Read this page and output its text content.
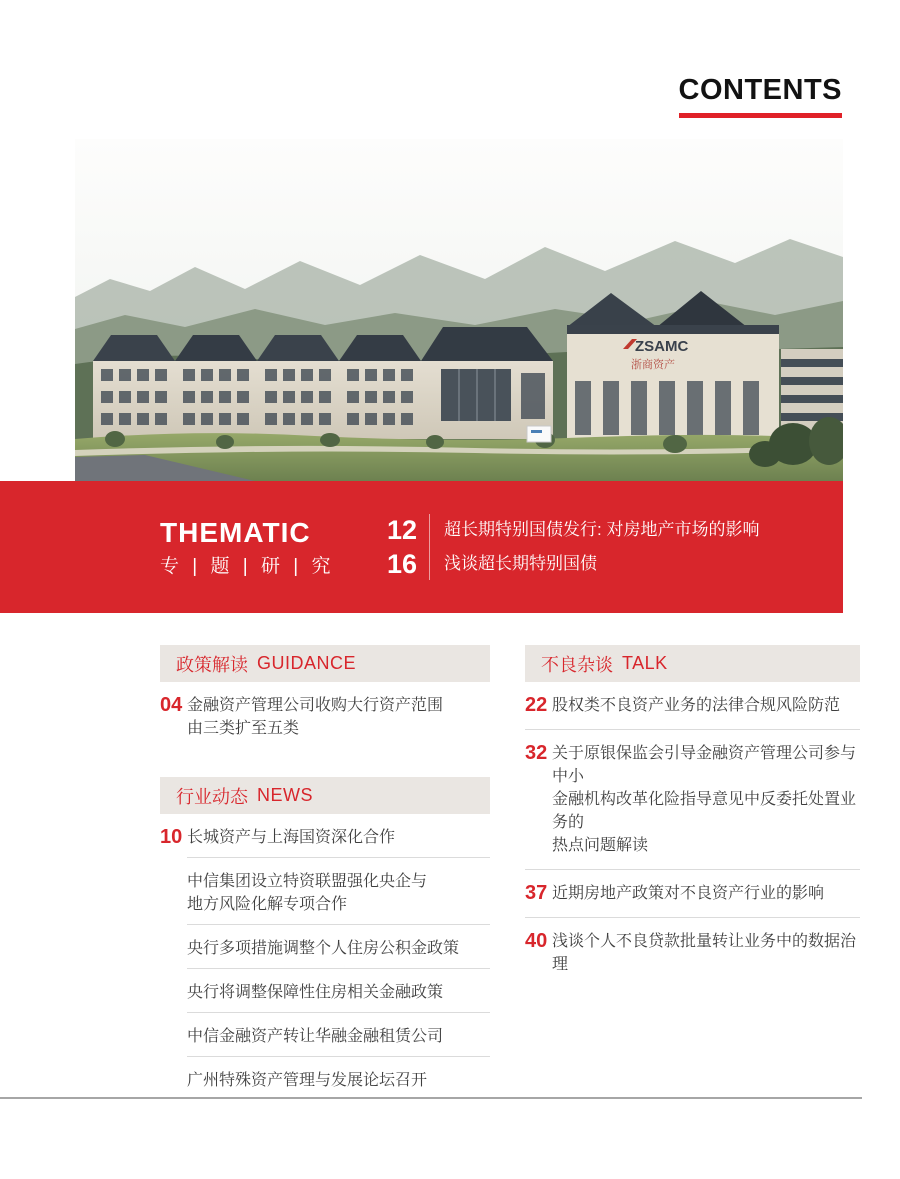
CONTENTS
ZSAMC
浙商资产
THEMATIC
专 | 题 | 研 | 究
12
16
超长期特别国债发行: 对房地产市场的影响
浅谈超长期特别国债
政策解读 GUIDANCE
04 金融资产管理公司收购大行资产范围
由三类扩至五类
行业动态 NEWS
10 长城资产与上海国资深化合作
中信集团设立特资联盟强化央企与
地方风险化解专项合作
央行多项措施调整个人住房公积金政策
央行将调整保障性住房相关金融政策
中信金融资产转让华融金融租赁公司
广州特殊资产管理与发展论坛召开
不良杂谈 TALK
22 股权类不良资产业务的法律合规风险防范
32 关于原银保监会引导金融资产管理公司参与中小
金融机构改革化险指导意见中反委托处置业务的
热点问题解读
37 近期房地产政策对不良资产行业的影响
40 浅谈个人不良贷款批量转让业务中的数据治理
